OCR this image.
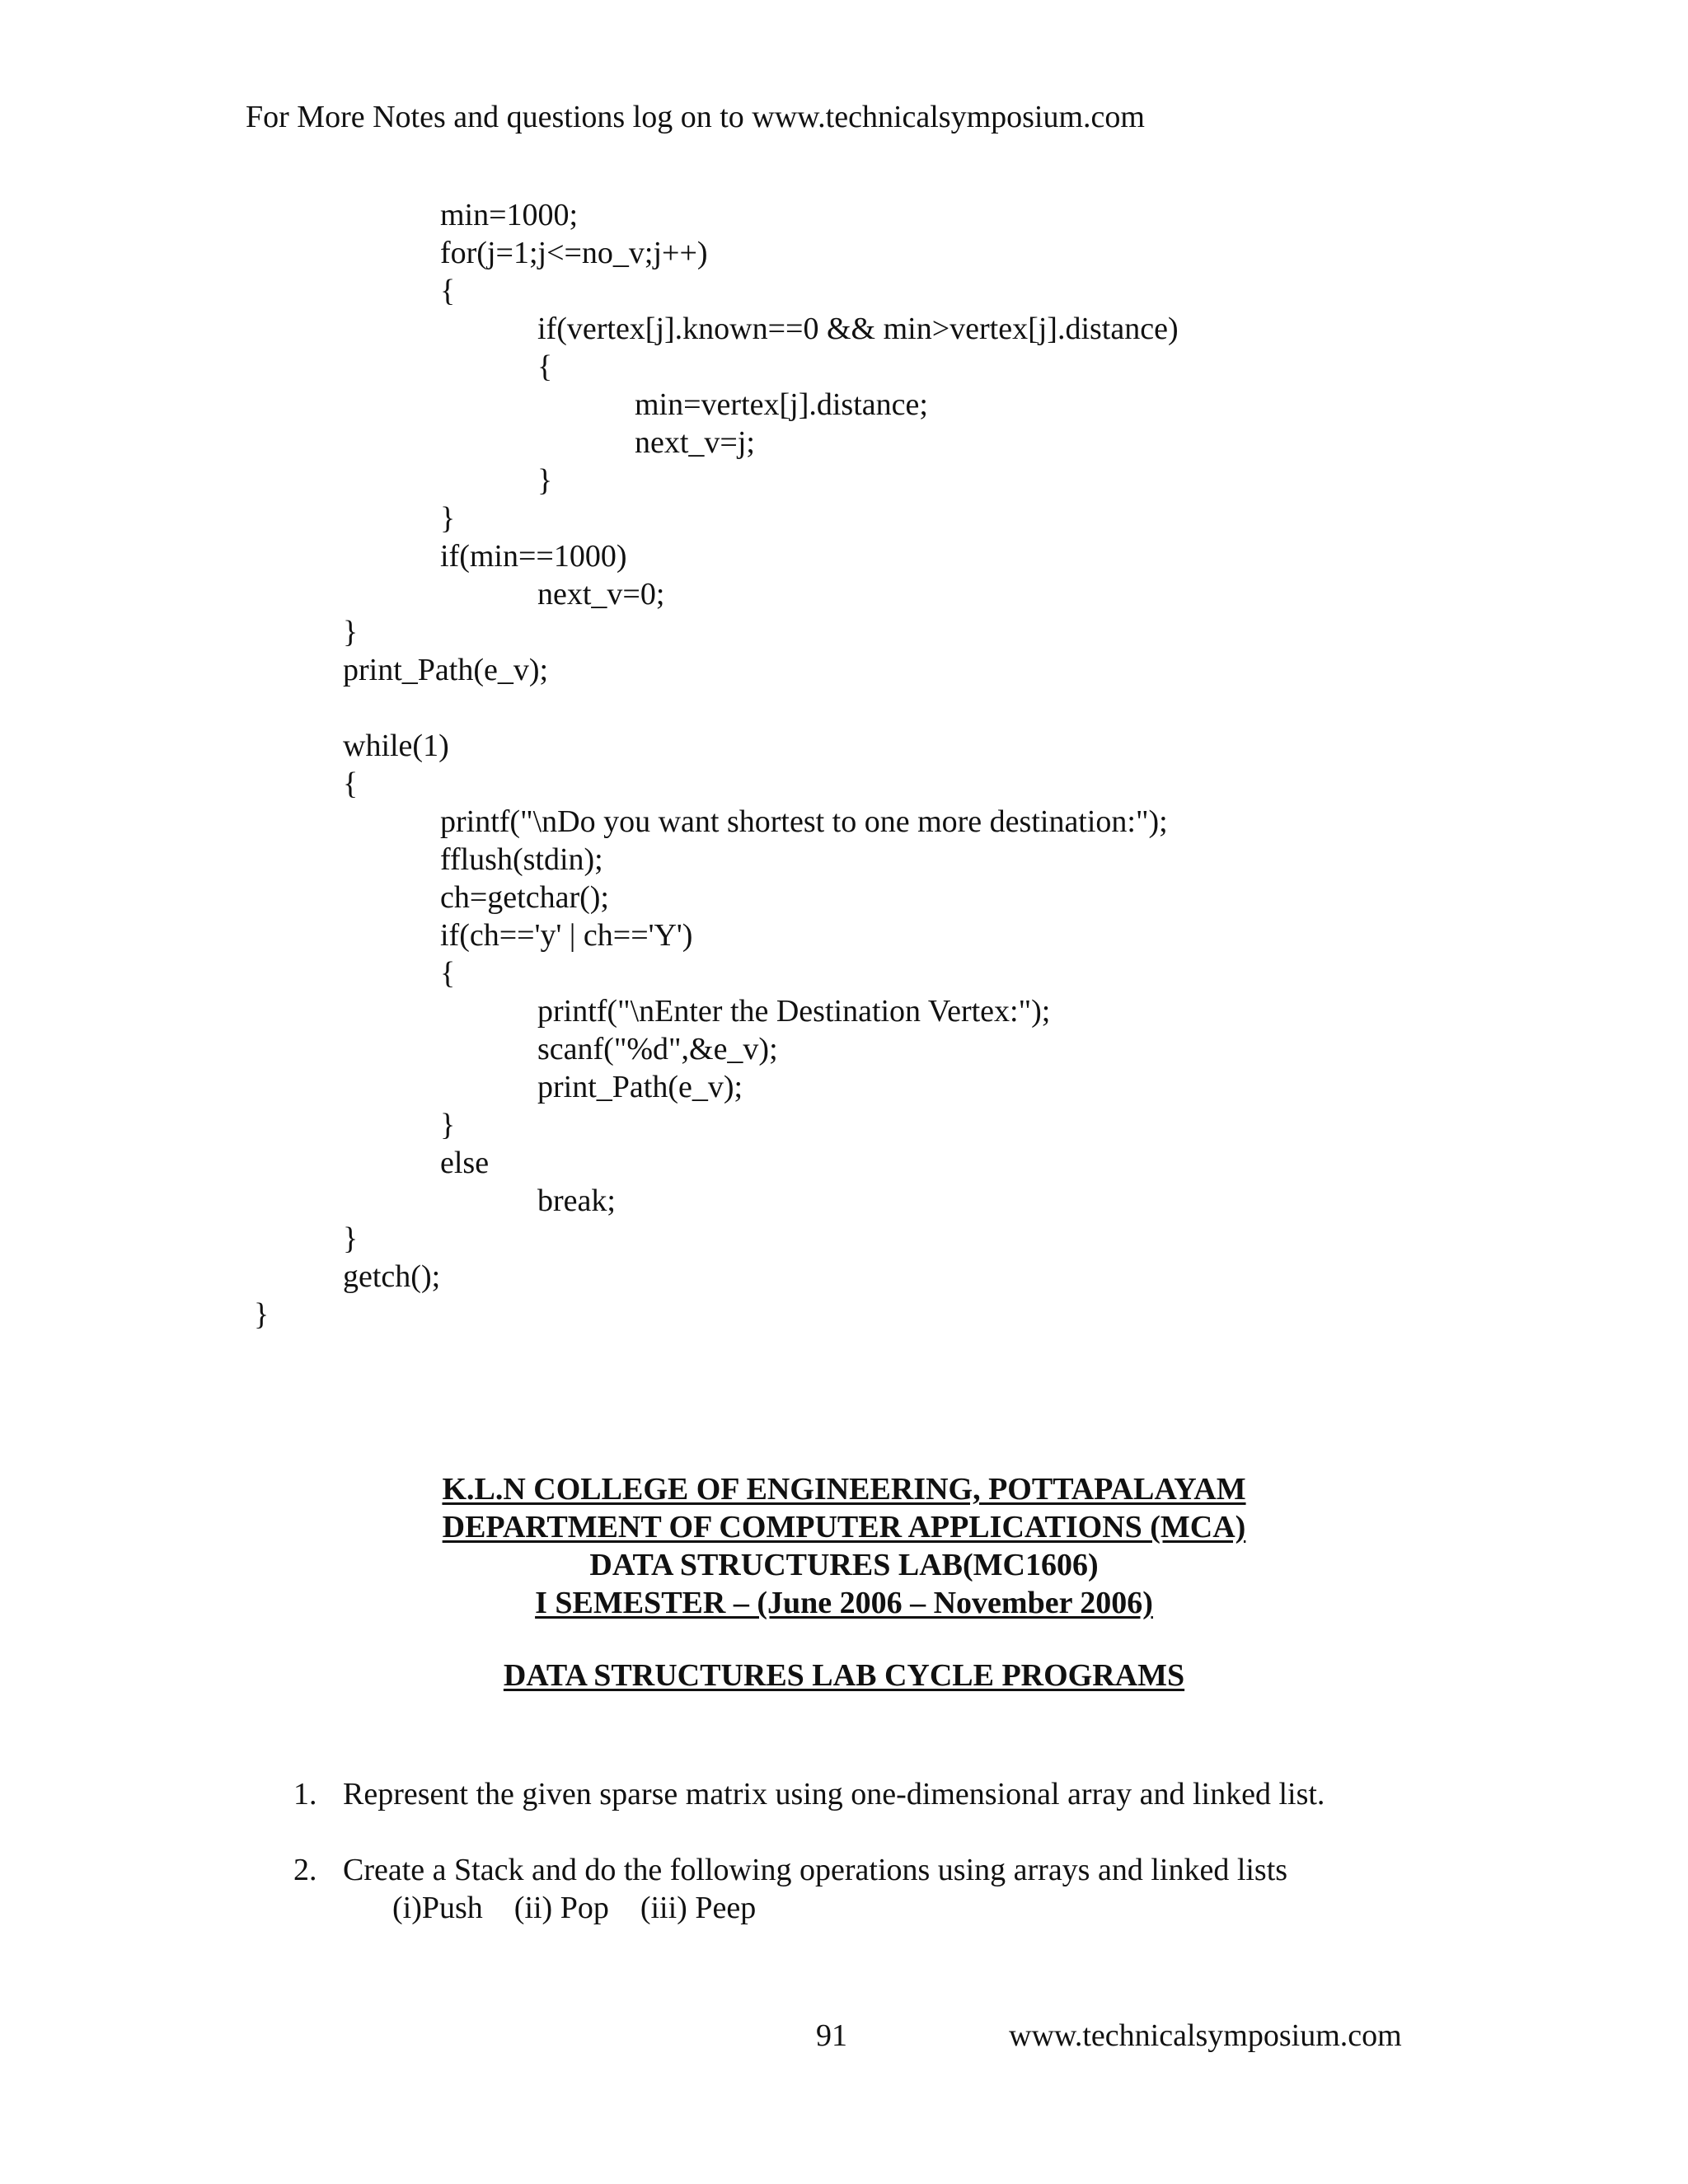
For More Notes and questions log on to www.technicalsymposium.com
min=1000;
for(j=1;j<=no_v;j++)
{
if(vertex[j].known==0 && min>vertex[j].distance)
{
min=vertex[j].distance;
next_v=j;
}
}
if(min==1000)
next_v=0;
}
print_Path(e_v);
while(1)
{
printf("\nDo you want shortest to one more destination:");
fflush(stdin);
ch=getchar();
if(ch=='y' | ch=='Y')
{
printf("\nEnter the Destination Vertex:");
scanf("%d",&e_v);
print_Path(e_v);
}
else
break;
}
getch();
}
K.L.N COLLEGE OF ENGINEERING, POTTAPALAYAM
DEPARTMENT OF COMPUTER APPLICATIONS (MCA)
DATA STRUCTURES LAB(MC1606)
I SEMESTER – (June 2006 – November 2006)
DATA STRUCTURES LAB CYCLE PROGRAMS
1. Represent the given sparse matrix using one-dimensional array and linked list.
2. Create a Stack and do the following operations using arrays and linked lists
(i)Push    (ii) Pop    (iii) Peep
91	www.technicalsymposium.com
